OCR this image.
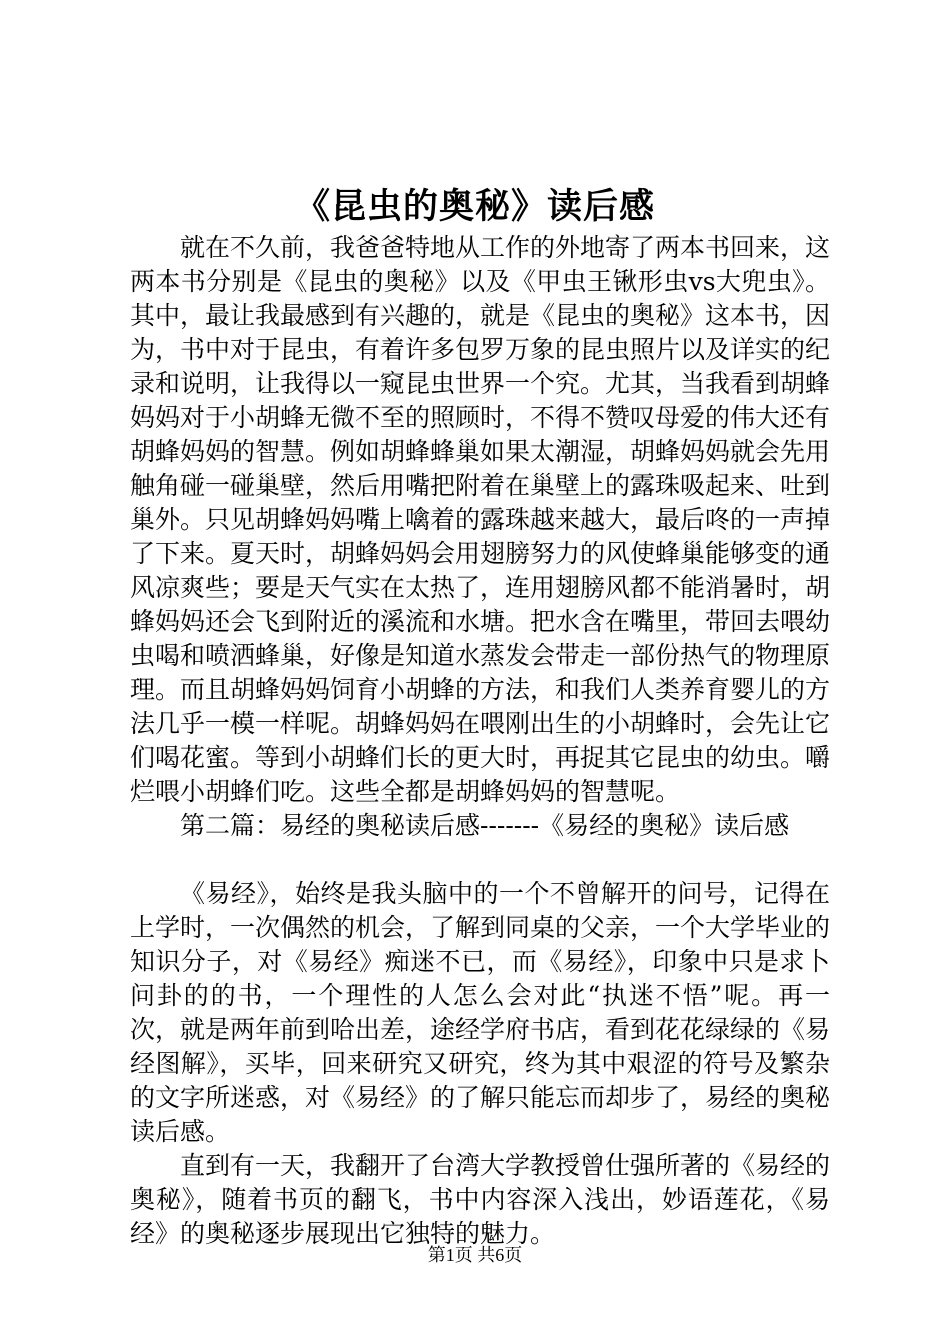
《昆虫的奥秘》读后感

就在不久前，我爸爸特地从工作的外地寄了两本书回来，这两本书分别是《昆虫的奥秘》以及《甲虫王锹形虫vs大兜虫》。其中，最让我最感到有兴趣的，就是《昆虫的奥秘》这本书，因为，书中对于昆虫，有着许多包罗万象的昆虫照片以及详实的纪录和说明，让我得以一窥昆虫世界一个究。尤其，当我看到胡蜂妈妈对于小胡蜂无微不至的照顾时，不得不赞叹母爱的伟大还有胡蜂妈妈的智慧。例如胡蜂蜂巢如果太潮湿，胡蜂妈妈就会先用触角碰一碰巢壁，然后用嘴把附着在巢壁上的露珠吸起来、吐到巢外。只见胡蜂妈妈嘴上噙着的露珠越来越大，最后咚的一声掉了下来。夏天时，胡蜂妈妈会用翅膀努力的风使蜂巢能够变的通风凉爽些；要是天气实在太热了，连用翅膀风都不能消暑时，胡蜂妈妈还会飞到附近的溪流和水塘。把水含在嘴里，带回去喂幼虫喝和喷洒蜂巢，好像是知道水蒸发会带走一部份热气的物理原理。而且胡蜂妈妈饲育小胡蜂的方法，和我们人类养育婴儿的方法几乎一模一样呢。胡蜂妈妈在喂刚出生的小胡蜂时，会先让它们喝花蜜。等到小胡蜂们长的更大时，再捉其它昆虫的幼虫。嚼烂喂小胡蜂们吃。这些全都是胡蜂妈妈的智慧呢。

第二篇：易经的奥秘读后感-------《易经的奥秘》读后感

《易经》，始终是我头脑中的一个不曾解开的问号，记得在上学时，一次偶然的机会，了解到同桌的父亲，一个大学毕业的知识分子，对《易经》痴迷不已，而《易经》，印象中只是求卜问卦的的书，一个理性的人怎么会对此“执迷不悟”呢。再一次，就是两年前到哈出差，途经学府书店，看到花花绿绿的《易经图解》，买毕，回来研究又研究，终为其中艰涩的符号及繁杂的文字所迷惑，对《易经》的了解只能忘而却步了，易经的奥秘读后感。

直到有一天，我翻开了台湾大学教授曾仕强所著的《易经的奥秘》，随着书页的翻飞，书中内容深入浅出，妙语莲花，《易经》的奥秘逐步展现出它独特的魅力。

第1页 共6页
